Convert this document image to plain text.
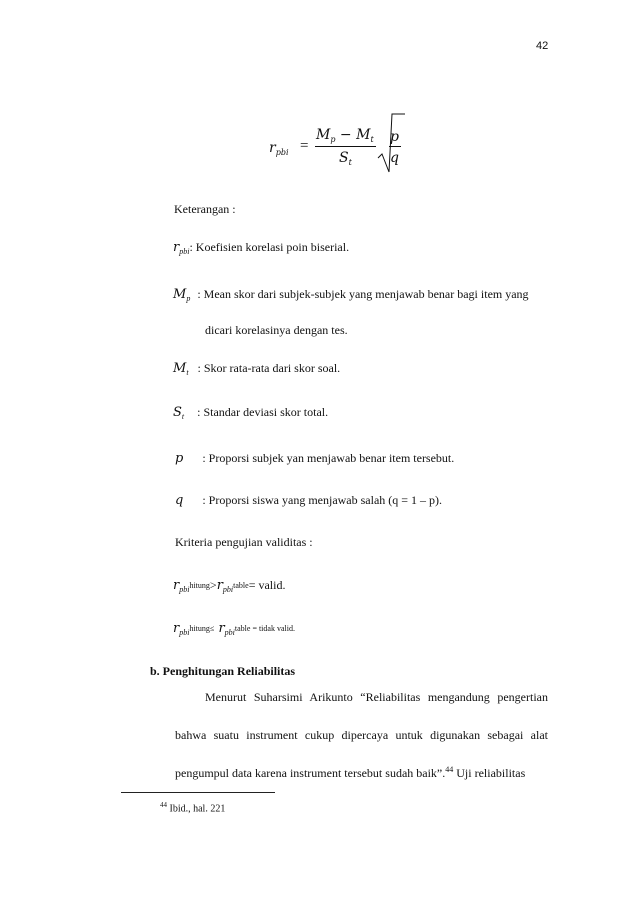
42
$r_{pbi}$ =
$M_p - M_t$
$S_t$
p
q
Keterangan :
$r_{pbi}$: Koefisien korelasi poin biserial.
$M_p$ : Mean skor dari subjek-subjek yang menjawab benar bagi item yang
dicari korelasinya dengan tes.
$M_t$ : Skor rata-rata dari skor soal.
$S_t$ : Standar deviasi skor total.
p : Proporsi subjek yan menjawab benar item tersebut.
q : Proporsi siswa yang menjawab salah (q = 1 – p).
Kriteria pengujian validitas :
$r_{pbi}hitung>r_{pbi}table=$ valid.
$r_{pbi}hitung\le$ $r_{pbi}table$ = tidak valid.
b. Penghitungan Reliabilitas
Menurut Suharsimi Arikunto “Reliabilitas mengandung pengertian
bahwa suatu instrument cukup dipercaya untuk digunakan sebagai alat
pengumpul data karena instrument tersebut sudah baik”.$^{44}$ Uji reliabilitas
$^{44}$ Ibid., hal. 221
